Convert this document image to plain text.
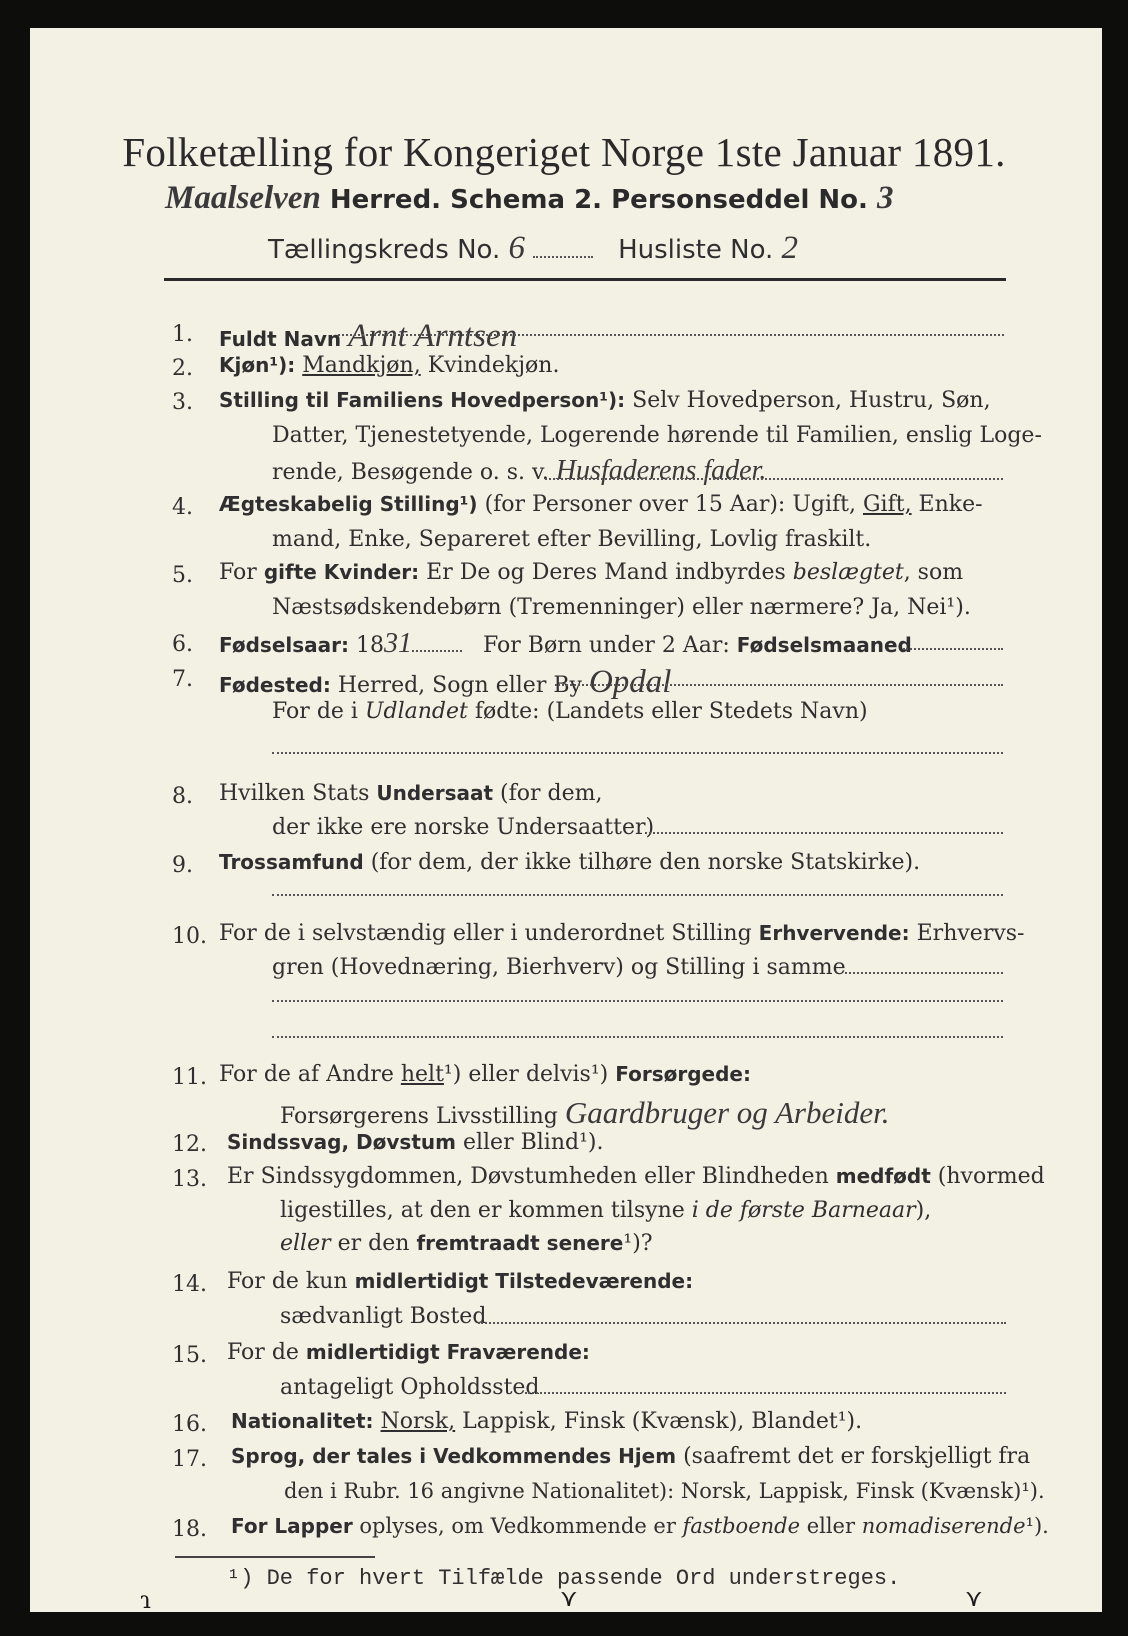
Folketælling for Kongeriget Norge 1ste Januar 1891.
Maalselven Herred. Schema 2. Personseddel No. 3
Tællingskreds No. 6	Husliste No. 2
1. Fuldt Navn Arnt Arntsen
2. Kjøn¹): Mandkjøn, Kvindekjøn.
3. Stilling til Familiens Hovedperson¹): Selv Hovedperson, Hustru, Søn,
Datter, Tjenestetyende, Logerende hørende til Familien, enslig Loge-
rende, Besøgende o. s. v. Husfaderens fader.
4. Ægteskabelig Stilling¹) (for Personer over 15 Aar): Ugift, Gift, Enke-
mand, Enke, Separeret efter Bevilling, Lovlig fraskilt.
5. For gifte Kvinder: Er De og Deres Mand indbyrdes beslægtet, som
Næstsødskendebørn (Tremenninger) eller nærmere? Ja, Nei¹).
6. Fødselsaar: 1831	For Børn under 2 Aar: Fødselsmaaned
7. Fødested: Herred, Sogn eller By Opdal
For de i Udlandet fødte: (Landets eller Stedets Navn)
8. Hvilken Stats Undersaat (for dem,
der ikke ere norske Undersaatter)
9. Trossamfund (for dem, der ikke tilhøre den norske Statskirke).
10. For de i selvstændig eller i underordnet Stilling Erhvervende: Erhvervs-
gren (Hovednæring, Bierhverv) og Stilling i samme
11. For de af Andre helt¹) eller delvis¹) Forsørgede:
Forsørgerens Livsstilling Gaardbruger og Arbeider.
12. Sindssvag, Døvstum eller Blind¹).
13. Er Sindssygdommen, Døvstumheden eller Blindheden medfødt (hvormed
ligestilles, at den er kommen tilsyne i de første Barneaar),
eller er den fremtraadt senere¹)?
14. For de kun midlertidigt Tilstedeværende:
sædvanligt Bosted
15. For de midlertidigt Fraværende:
antageligt Opholdssted
16. Nationalitet: Norsk, Lappisk, Finsk (Kvænsk), Blandet¹).
17. Sprog, der tales i Vedkommendes Hjem (saafremt det er forskjelligt fra
den i Rubr. 16 angivne Nationalitet): Norsk, Lappisk, Finsk (Kvænsk)¹).
18. For Lapper oplyses, om Vedkommende er fastboende eller nomadiserende¹).
¹) De for hvert Tilfælde passende Ord understreges.
ɿ	⋎	⋎
